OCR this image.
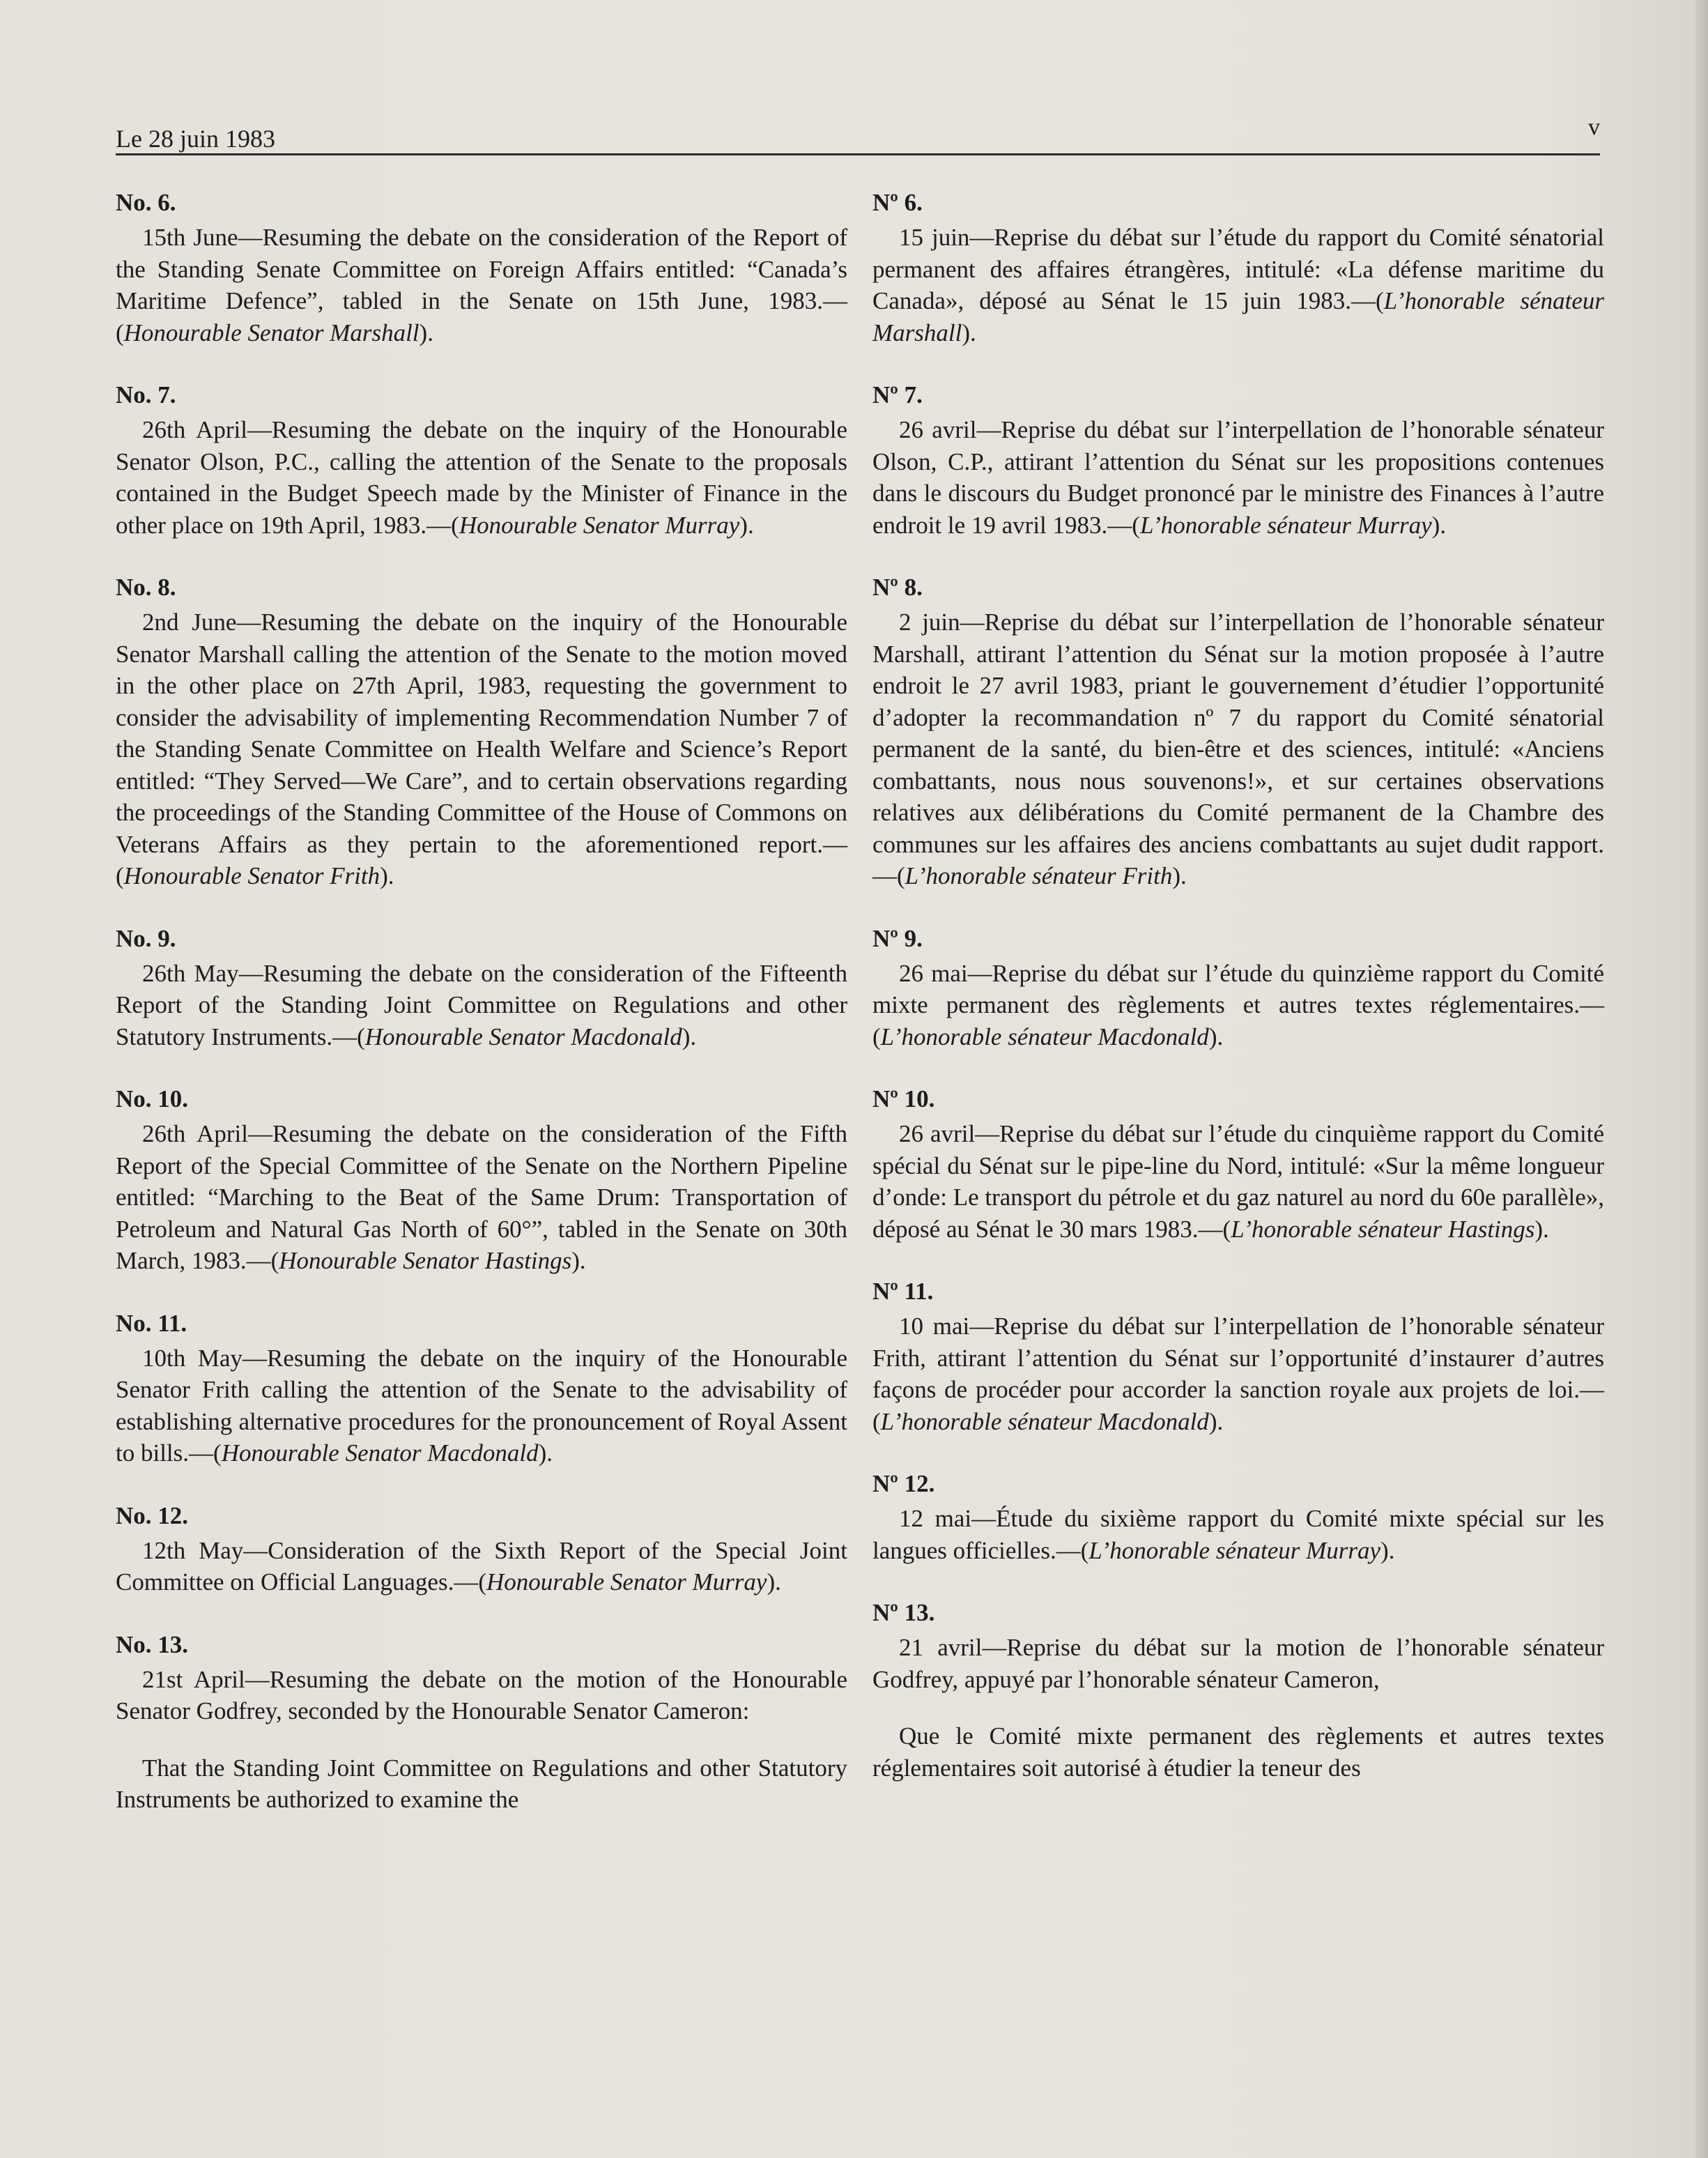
Le 28 juin 1983	v
No. 6.

15th June—Resuming the debate on the consideration of the Report of the Standing Senate Committee on Foreign Affairs entitled: “Canada’s Maritime Defence”, tabled in the Senate on 15th June, 1983.—(Honourable Senator Marshall).

No. 7.

26th April—Resuming the debate on the inquiry of the Honourable Senator Olson, P.C., calling the attention of the Senate to the proposals contained in the Budget Speech made by the Minister of Finance in the other place on 19th April, 1983.—(Honourable Senator Murray).

No. 8.

2nd June—Resuming the debate on the inquiry of the Honourable Senator Marshall calling the attention of the Senate to the motion moved in the other place on 27th April, 1983, requesting the government to consider the advisability of implementing Recommendation Number 7 of the Standing Senate Committee on Health Welfare and Science’s Report entitled: “They Served—We Care”, and to certain observations regarding the proceedings of the Standing Committee of the House of Commons on Veterans Affairs as they pertain to the aforementioned report.—(Honourable Senator Frith).

No. 9.

26th May—Resuming the debate on the consideration of the Fifteenth Report of the Standing Joint Committee on Regulations and other Statutory Instruments.—(Honourable Senator Macdonald).

No. 10.

26th April—Resuming the debate on the consideration of the Fifth Report of the Special Committee of the Senate on the Northern Pipeline entitled: “Marching to the Beat of the Same Drum: Transportation of Petroleum and Natural Gas North of 60°”, tabled in the Senate on 30th March, 1983.—(Honourable Senator Hastings).

No. 11.

10th May—Resuming the debate on the inquiry of the Honourable Senator Frith calling the attention of the Senate to the advisability of establishing alternative procedures for the pronouncement of Royal Assent to bills.—(Honourable Senator Macdonald).

No. 12.

12th May—Consideration of the Sixth Report of the Special Joint Committee on Official Languages.—(Honourable Senator Murray).

No. 13.

21st April—Resuming the debate on the motion of the Honourable Senator Godfrey, seconded by the Honourable Senator Cameron:

That the Standing Joint Committee on Regulations and other Statutory Instruments be authorized to examine the

Nº 6.

15 juin—Reprise du débat sur l’étude du rapport du Comité sénatorial permanent des affaires étrangères, intitulé: «La défense maritime du Canada», déposé au Sénat le 15 juin 1983.—(L’honorable sénateur Marshall).

Nº 7.

26 avril—Reprise du débat sur l’interpellation de l’honorable sénateur Olson, C.P., attirant l’attention du Sénat sur les propositions contenues dans le discours du Budget prononcé par le ministre des Finances à l’autre endroit le 19 avril 1983.—(L’honorable sénateur Murray).

Nº 8.

2 juin—Reprise du débat sur l’interpellation de l’honorable sénateur Marshall, attirant l’attention du Sénat sur la motion proposée à l’autre endroit le 27 avril 1983, priant le gouvernement d’étudier l’opportunité d’adopter la recommandation nº 7 du rapport du Comité sénatorial permanent de la santé, du bien-être et des sciences, intitulé: «Anciens combattants, nous nous souvenons!», et sur certaines observations relatives aux délibérations du Comité permanent de la Chambre des communes sur les affaires des anciens combattants au sujet dudit rapport.—(L’honorable sénateur Frith).

Nº 9.

26 mai—Reprise du débat sur l’étude du quinzième rapport du Comité mixte permanent des règlements et autres textes réglementaires.—(L’honorable sénateur Macdonald).

Nº 10.

26 avril—Reprise du débat sur l’étude du cinquième rapport du Comité spécial du Sénat sur le pipe-line du Nord, intitulé: «Sur la même longueur d’onde: Le transport du pétrole et du gaz naturel au nord du 60e parallèle», déposé au Sénat le 30 mars 1983.—(L’honorable sénateur Hastings).

Nº 11.

10 mai—Reprise du débat sur l’interpellation de l’honorable sénateur Frith, attirant l’attention du Sénat sur l’opportunité d’instaurer d’autres façons de procéder pour accorder la sanction royale aux projets de loi.—(L’honorable sénateur Macdonald).

Nº 12.

12 mai—Étude du sixième rapport du Comité mixte spécial sur les langues officielles.—(L’honorable sénateur Murray).

Nº 13.

21 avril—Reprise du débat sur la motion de l’honorable sénateur Godfrey, appuyé par l’honorable sénateur Cameron,

Que le Comité mixte permanent des règlements et autres textes réglementaires soit autorisé à étudier la teneur des
